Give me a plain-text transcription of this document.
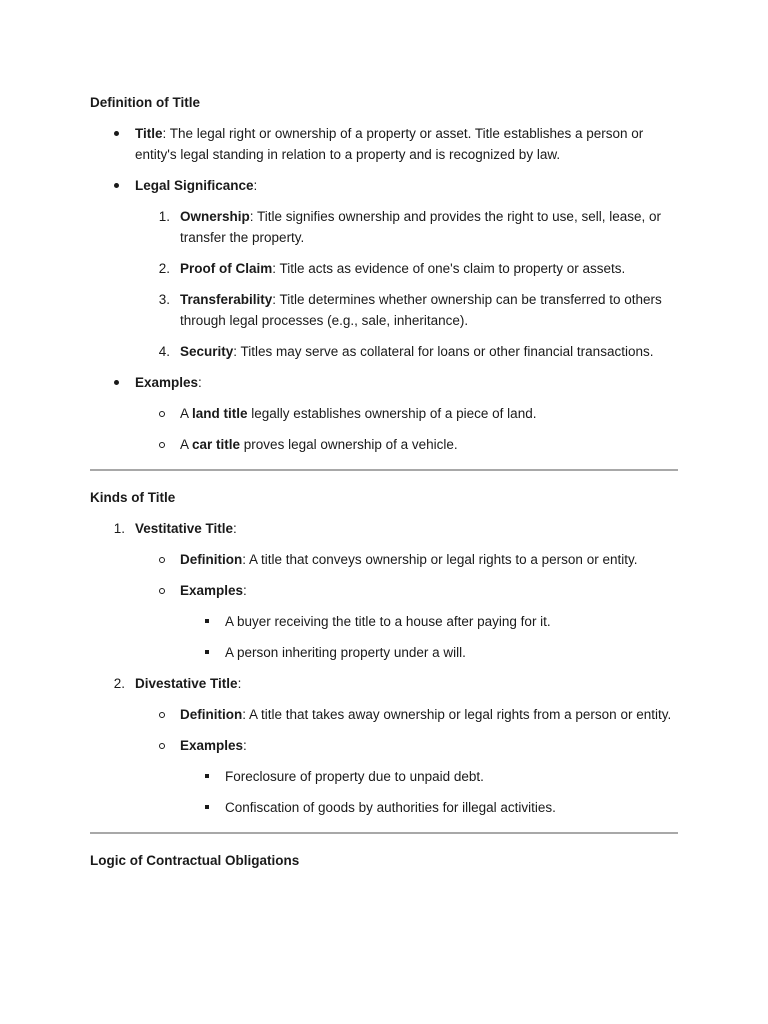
Definition of Title
Title: The legal right or ownership of a property or asset. Title establishes a person or entity's legal standing in relation to a property and is recognized by law.
Legal Significance:
1. Ownership: Title signifies ownership and provides the right to use, sell, lease, or transfer the property.
2. Proof of Claim: Title acts as evidence of one's claim to property or assets.
3. Transferability: Title determines whether ownership can be transferred to others through legal processes (e.g., sale, inheritance).
4. Security: Titles may serve as collateral for loans or other financial transactions.
Examples:
A land title legally establishes ownership of a piece of land.
A car title proves legal ownership of a vehicle.
Kinds of Title
1. Vestitative Title:
Definition: A title that conveys ownership or legal rights to a person or entity.
Examples:
A buyer receiving the title to a house after paying for it.
A person inheriting property under a will.
2. Divestative Title:
Definition: A title that takes away ownership or legal rights from a person or entity.
Examples:
Foreclosure of property due to unpaid debt.
Confiscation of goods by authorities for illegal activities.
Logic of Contractual Obligations
